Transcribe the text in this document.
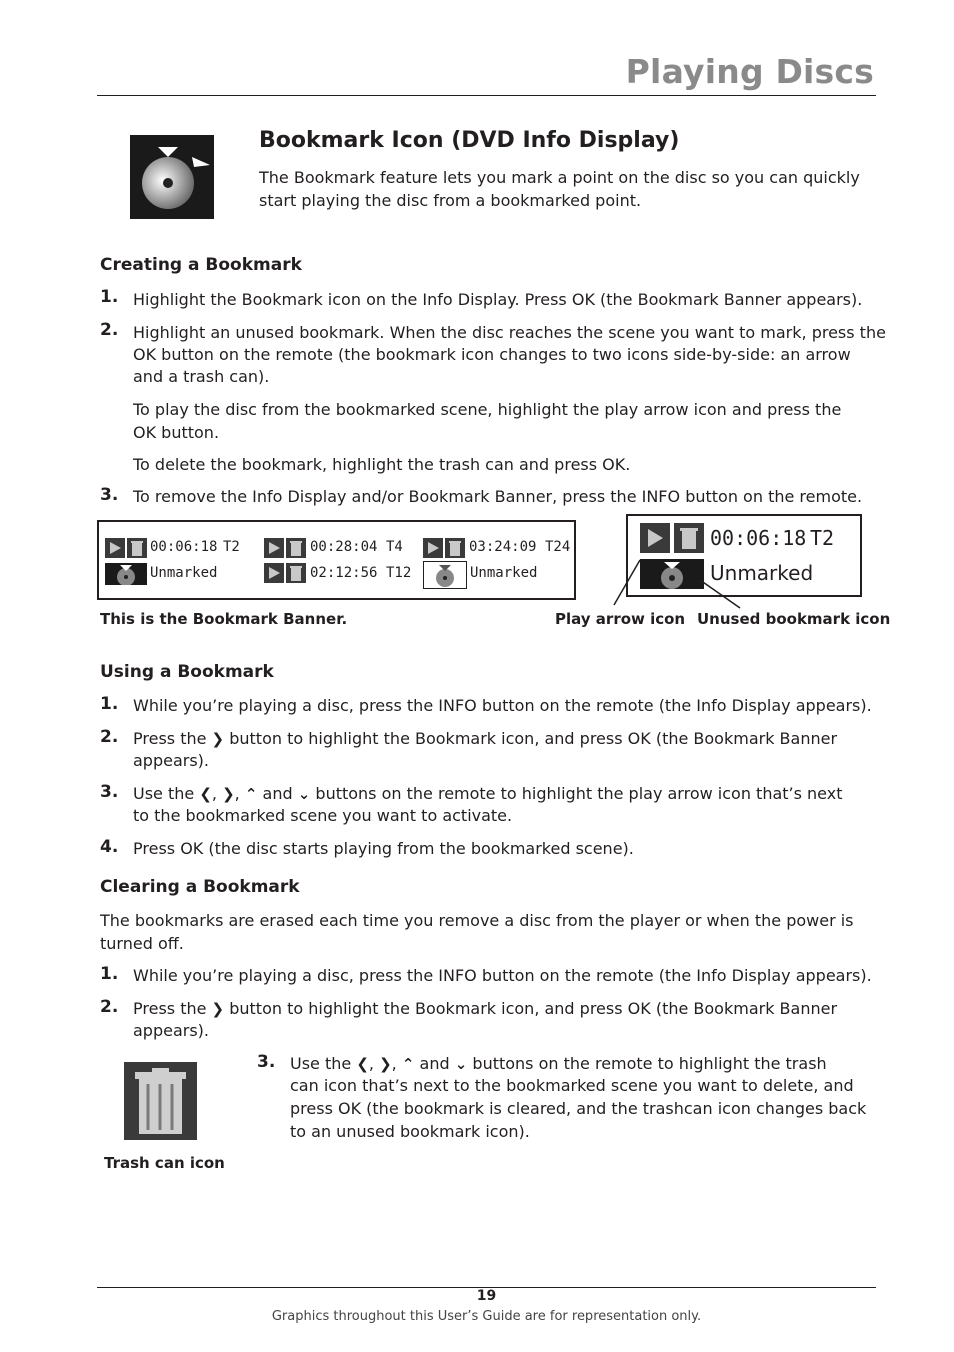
Playing Discs
Bookmark Icon (DVD Info Display)
The Bookmark feature lets you mark a point on the disc so you can quickly
start playing the disc from a bookmarked point.
Creating a Bookmark
1. Highlight the Bookmark icon on the Info Display. Press OK (the Bookmark Banner appears).
2. Highlight an unused bookmark. When the disc reaches the scene you want to mark, press the
OK button on the remote (the bookmark icon changes to two icons side-by-side: an arrow
and a trash can).
To play the disc from the bookmarked scene, highlight the play arrow icon and press the
OK button.
To delete the bookmark, highlight the trash can and press OK.
3. To remove the Info Display and/or Bookmark Banner, press the INFO button on the remote.
00:06:18 T2
Unmarked
00:28:04 T4
02:12:56 T12
03:24:09 T24
Unmarked
00:06:18 T2
Unmarked
This is the Bookmark Banner.	Play arrow icon Unused bookmark icon
Using a Bookmark
1. While you’re playing a disc, press the INFO button on the remote (the Info Display appears).
2. Press the ❯ button to highlight the Bookmark icon, and press OK (the Bookmark Banner
appears).
3. Use the ❮, ❯, ⌃ and ⌄ buttons on the remote to highlight the play arrow icon that’s next
to the bookmarked scene you want to activate.
4. Press OK (the disc starts playing from the bookmarked scene).
Clearing a Bookmark
The bookmarks are erased each time you remove a disc from the player or when the power is
turned off.
1. While you’re playing a disc, press the INFO button on the remote (the Info Display appears).
2. Press the ❯ button to highlight the Bookmark icon, and press OK (the Bookmark Banner
appears).
Trash can icon
3. Use the ❮, ❯, ⌃ and ⌄ buttons on the remote to highlight the trash
can icon that’s next to the bookmarked scene you want to delete, and
press OK (the bookmark is cleared, and the trashcan icon changes back
to an unused bookmark icon).
19
Graphics throughout this User’s Guide are for representation only.
